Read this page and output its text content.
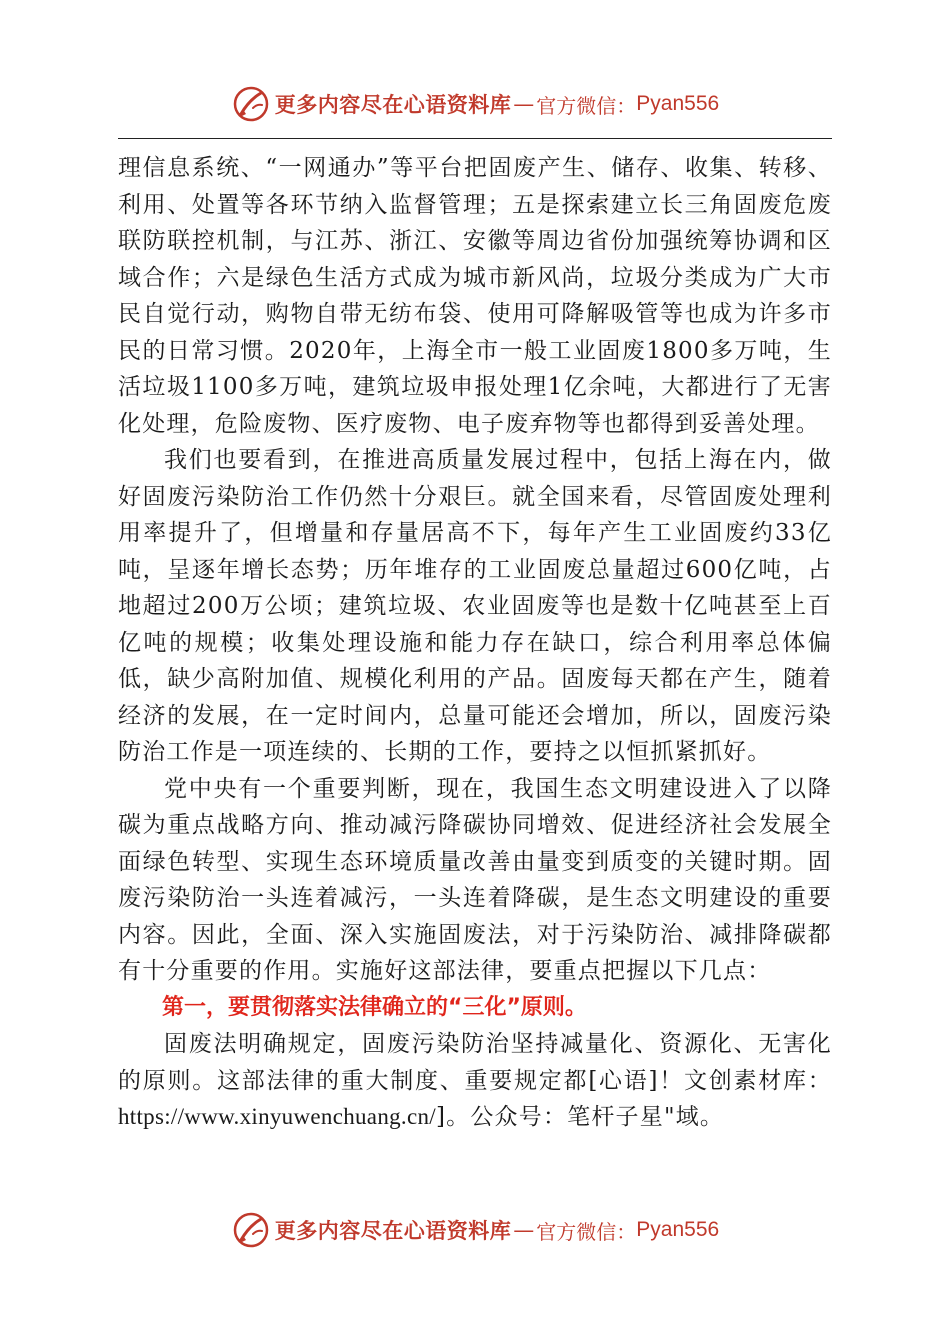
更多内容尽在心语资料库 — 官方微信： Pyan556

理信息系统、“一网通办”等平台把固废产生、储存、收集、转移、利用、处置等各环节纳入监督管理；五是探索建立长三角固废危废联防联控机制，与江苏、浙江、安徽等周边省份加强统筹协调和区域合作；六是绿色生活方式成为城市新风尚，垃圾分类成为广大市民自觉行动，购物自带无纺布袋、使用可降解吸管等也成为许多市民的日常习惯。2020年，上海全市一般工业固废1800多万吨，生活垃圾1100多万吨，建筑垃圾申报处理1亿余吨，大都进行了无害化处理，危险废物、医疗废物、电子废弃物等也都得到妥善处理。

我们也要看到，在推进高质量发展过程中，包括上海在内，做好固废污染防治工作仍然十分艰巨。就全国来看，尽管固废处理利用率提升了，但增量和存量居高不下，每年产生工业固废约33亿吨，呈逐年增长态势；历年堆存的工业固废总量超过600亿吨，占地超过200万公顷；建筑垃圾、农业固废等也是数十亿吨甚至上百亿吨的规模；收集处理设施和能力存在缺口，综合利用率总体偏低，缺少高附加值、规模化利用的产品。固废每天都在产生，随着经济的发展，在一定时间内，总量可能还会增加，所以，固废污染防治工作是一项连续的、长期的工作，要持之以恒抓紧抓好。

党中央有一个重要判断，现在，我国生态文明建设进入了以降碳为重点战略方向、推动减污降碳协同增效、促进经济社会发展全面绿色转型、实现生态环境质量改善由量变到质变的关键时期。固废污染防治一头连着减污，一头连着降碳，是生态文明建设的重要内容。因此，全面、深入实施固废法，对于污染防治、减排降碳都有十分重要的作用。实施好这部法律，要重点把握以下几点：

第一，要贯彻落实法律确立的“三化”原则。

固废法明确规定，固废污染防治坚持减量化、资源化、无害化的原则。这部法律的重大制度、重要规定都[心语]！文创素材库：https://www.xinyuwenchuang.cn/]。公众号：笔杆子星"域。

更多内容尽在心语资料库 — 官方微信： Pyan556
